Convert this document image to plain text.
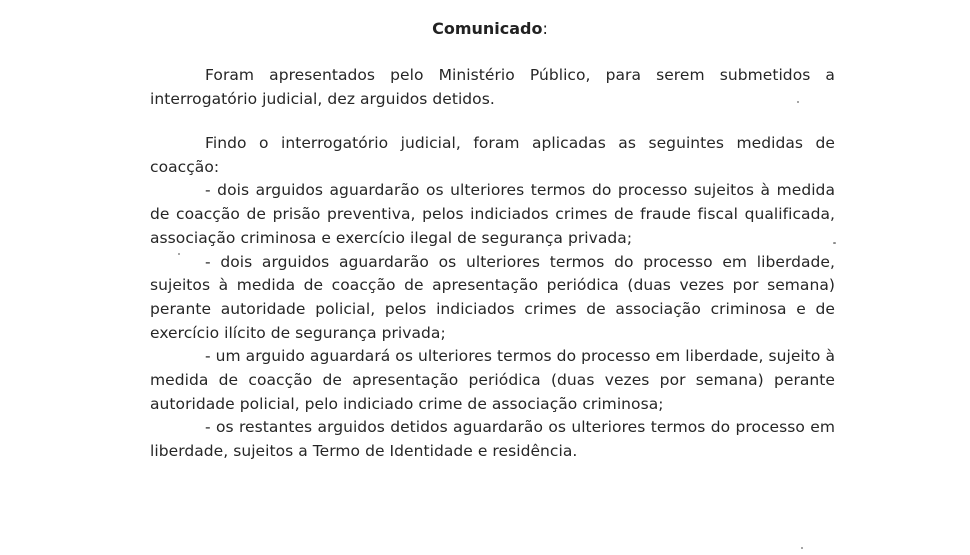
Comunicado:

Foram apresentados pelo Ministério Público, para serem submetidos a interrogatório judicial, dez arguidos detidos.

Findo o interrogatório judicial, foram aplicadas as seguintes medidas de coacção:
- dois arguidos aguardarão os ulteriores termos do processo sujeitos à medida de coacção de prisão preventiva, pelos indiciados crimes de fraude fiscal qualificada, associação criminosa e exercício ilegal de segurança privada;
- dois arguidos aguardarão os ulteriores termos do processo em liberdade, sujeitos à medida de coacção de apresentação periódica (duas vezes por semana) perante autoridade policial, pelos indiciados crimes de associação criminosa e de exercício ilícito de segurança privada;
- um arguido aguardará os ulteriores termos do processo em liberdade, sujeito à medida de coacção de apresentação periódica (duas vezes por semana) perante autoridade policial, pelo indiciado crime de associação criminosa;
- os restantes arguidos detidos aguardarão os ulteriores termos do processo em liberdade, sujeitos a Termo de Identidade e residência.
